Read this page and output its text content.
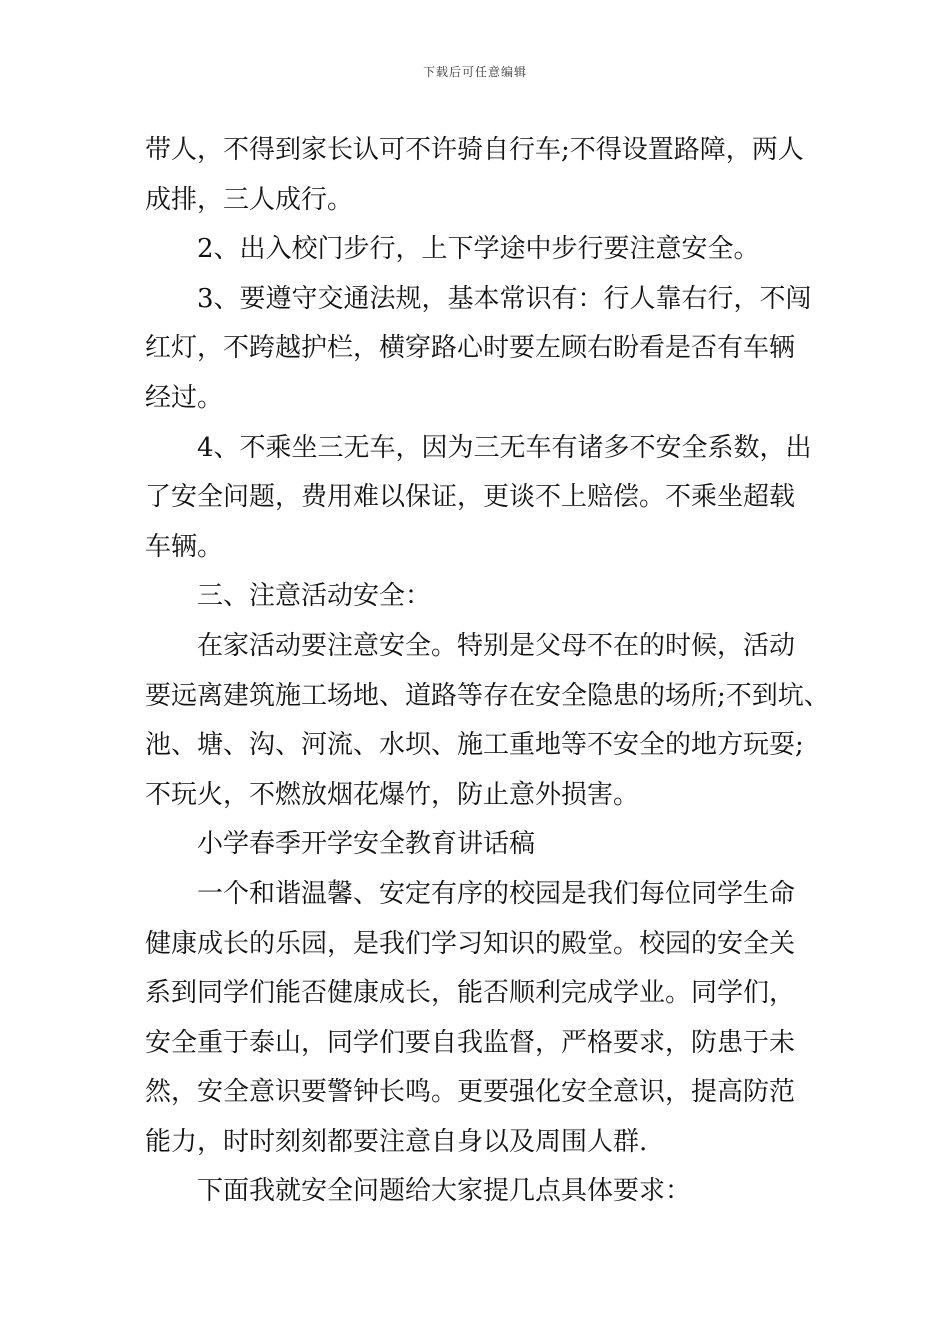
下载后可任意编辑

带人，不得到家长认可不许骑自行车;不得设置路障，两人
成排，三人成行。

2、出入校门步行，上下学途中步行要注意安全。

3、要遵守交通法规，基本常识有：行人靠右行，不闯

红灯，不跨越护栏，横穿路心时要左顾右盼看是否有车辆
经过。

4、不乘坐三无车，因为三无车有诸多不安全系数，出

了安全问题，费用难以保证，更谈不上赔偿。不乘坐超载
车辆。

三、注意活动安全：

在家活动要注意安全。特别是父母不在的时候，活动

要远离建筑施工场地、道路等存在安全隐患的场所;不到坑、
池、塘、沟、河流、水坝、施工重地等不安全的地方玩耍;
不玩火，不燃放烟花爆竹，防止意外损害。

小学春季开学安全教育讲话稿

一个和谐温馨、安定有序的校园是我们每位同学生命

健康成长的乐园，是我们学习知识的殿堂。校园的安全关
系到同学们能否健康成长，能否顺利完成学业。同学们，
安全重于泰山，同学们要自我监督，严格要求，防患于未
然，安全意识要警钟长鸣。更要强化安全意识，提高防范
能力，时时刻刻都要注意自身以及周围人群.

下面我就安全问题给大家提几点具体要求：
